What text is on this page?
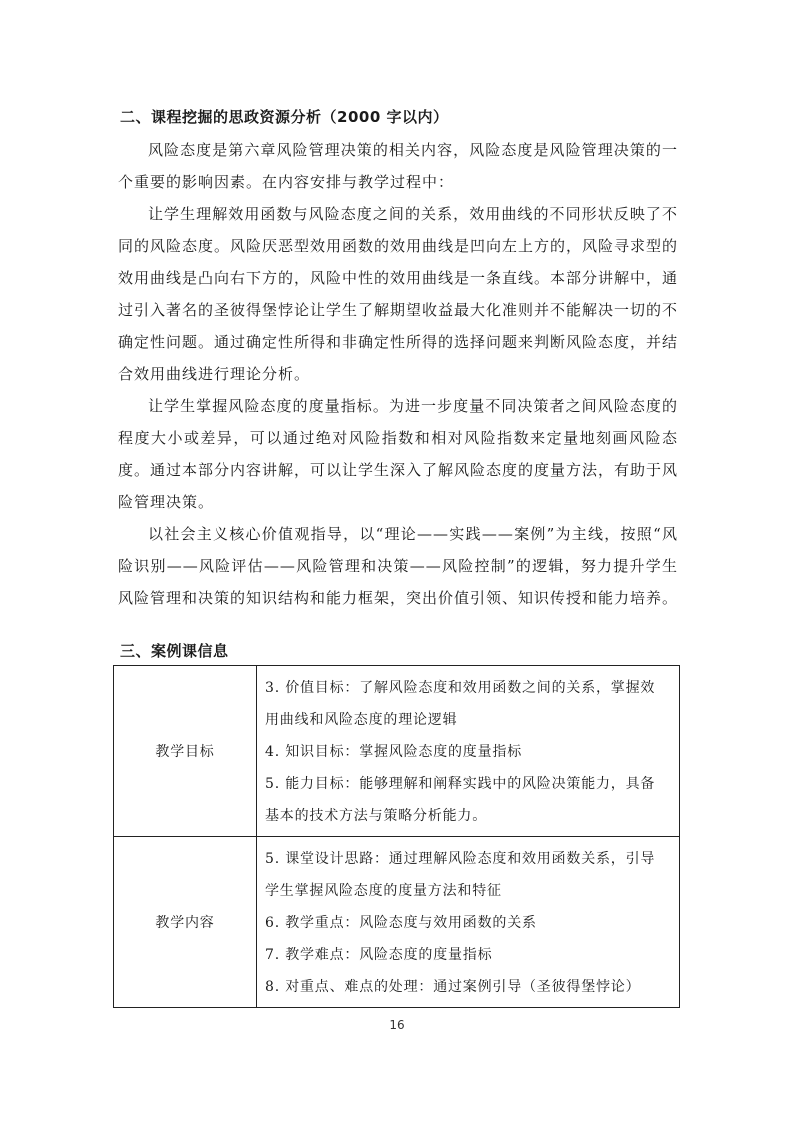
二、课程挖掘的思政资源分析（2000 字以内）

风险态度是第六章风险管理决策的相关内容，风险态度是风险管理决策的一个重要的影响因素。在内容安排与教学过程中：

让学生理解效用函数与风险态度之间的关系，效用曲线的不同形状反映了不同的风险态度。风险厌恶型效用函数的效用曲线是凹向左上方的，风险寻求型的效用曲线是凸向右下方的，风险中性的效用曲线是一条直线。本部分讲解中，通过引入著名的圣彼得堡悖论让学生了解期望收益最大化准则并不能解决一切的不确定性问题。通过确定性所得和非确定性所得的选择问题来判断风险态度，并结合效用曲线进行理论分析。

让学生掌握风险态度的度量指标。为进一步度量不同决策者之间风险态度的程度大小或差异，可以通过绝对风险指数和相对风险指数来定量地刻画风险态度。通过本部分内容讲解，可以让学生深入了解风险态度的度量方法，有助于风险管理决策。

以社会主义核心价值观指导，以“理论——实践——案例”为主线，按照“风险识别——风险评估——风险管理和决策——风险控制”的逻辑，努力提升学生风险管理和决策的知识结构和能力框架，突出价值引领、知识传授和能力培养。

三、案例课信息
教学目标	3. 价值目标：了解风险态度和效用函数之间的关系，掌握效用曲线和风险态度的理论逻辑

4. 知识目标：掌握风险态度的度量指标

5. 能力目标：能够理解和阐释实践中的风险决策能力，具备基本的技术方法与策略分析能力。

教学内容	5. 课堂设计思路：通过理解风险态度和效用函数关系，引导学生掌握风险态度的度量方法和特征

6. 教学重点：风险态度与效用函数的关系

7. 教学难点：风险态度的度量指标

8. 对重点、难点的处理：通过案例引导（圣彼得堡悖论）

16
